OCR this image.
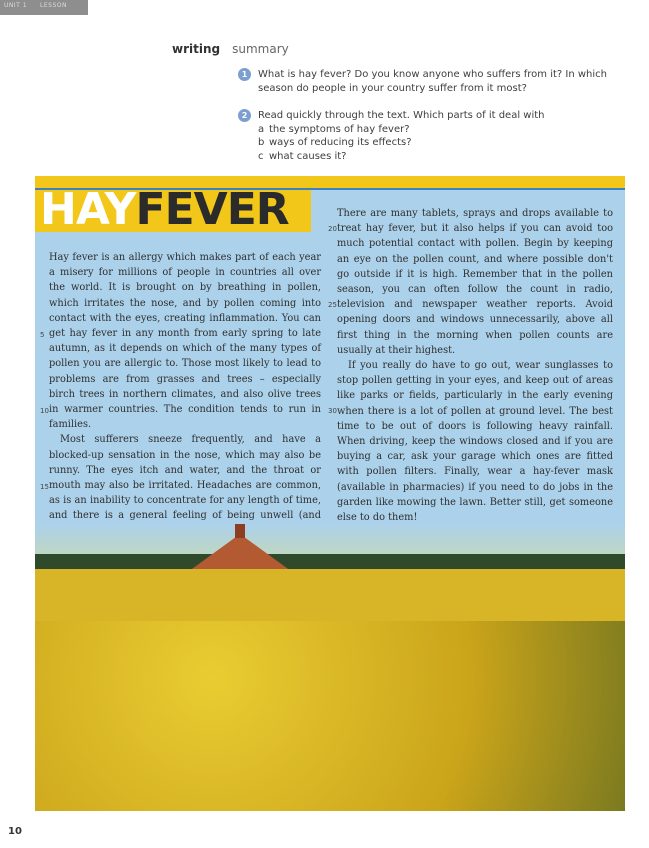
UNIT 1 LESSON
writing summary
1	What is hay fever? Do you know anyone who suffers from it? In which season do people in your country suffer from it most?
2	Read quickly through the text. Which parts of it deal with
a the symptoms of hay fever?
b ways of reducing its effects?
c what causes it?
HAYFEVER

Hay fever is an allergy which makes part of each year a misery for millions of people in countries all over the world. It is brought on by breathing in pollen, which irritates the nose, and by pollen coming into contact with the eyes, creating inflammation. You can get hay fever in any month from early spring to late autumn, as it depends on which of the many types of pollen you are allergic to. Those most likely to lead to problems are from grasses and trees – especially birch trees in northern climates, and also olive trees in warmer countries. The condition tends to run in families.

Most sufferers sneeze frequently, and have a blocked-up sensation in the nose, which may also be runny. The eyes itch and water, and the throat or mouth may also be irritated. Headaches are common, as is an inability to concentrate for any length of time, and there is a general feeling of being unwell (and

5
10
15

There are many tablets, sprays and drops available to treat hay fever, but it also helps if you can avoid too much potential contact with pollen. Begin by keeping an eye on the pollen count, and where possible don't go outside if it is high. Remember that in the pollen season, you can often follow the count in radio, television and newspaper weather reports. Avoid opening doors and windows unnecessarily, above all first thing in the morning when pollen counts are usually at their highest.

If you really do have to go out, wear sunglasses to stop pollen getting in your eyes, and keep out of areas like parks or fields, particularly in the early evening when there is a lot of pollen at ground level. The best time to be out of doors is following heavy rainfall. When driving, keep the windows closed and if you are buying a car, ask your garage which ones are fitted with pollen filters. Finally, wear a hay-fever mask (available in pharmacies) if you need to do jobs in the garden like mowing the lawn. Better still, get someone else to do them!

20
25
30
10
